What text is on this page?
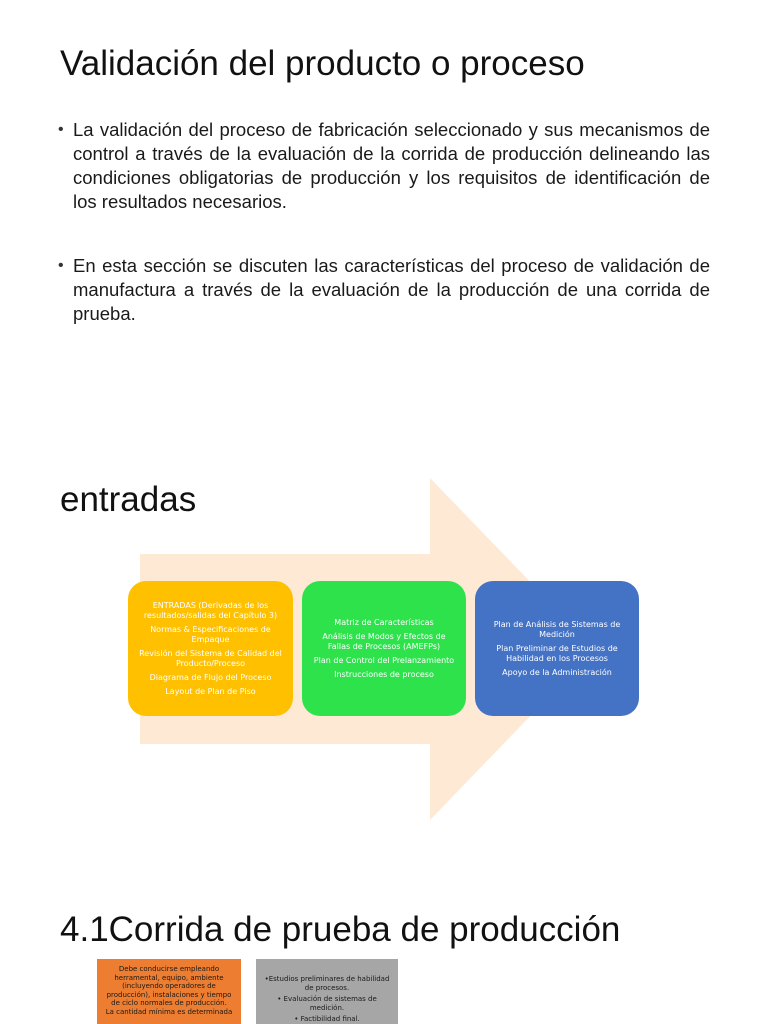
Validación del producto o proceso
• La validación del proceso de fabricación seleccionado y sus mecanismos de control a través de la evaluación de la corrida de producción delineando las condiciones obligatorias de producción y los requisitos de identificación de los resultados necesarios.
• En esta sección se discuten las características del proceso de validación de manufactura a través de la evaluación de la producción de una corrida de prueba.
entradas
ENTRADAS (Derivadas de los resultados/salidas del Capítulo 3)
Normas & Especificaciones de Empaque
Revisión del Sistema de Calidad del Producto/Proceso
Diagrama de Flujo del Proceso
Layout de Plan de Piso
Matriz de Características
Análisis de Modos y Efectos de Fallas de Procesos (AMEFPs)
Plan de Control del Prelanzamiento
Instrucciones de proceso
Plan de Análisis de Sistemas de Medición
Plan Preliminar de Estudios de Habilidad en los Procesos
Apoyo de la Administración
4.1Corrida de prueba de producción
Debe conducirse empleando herramental, equipo, ambiente (incluyendo operadores de producción), instalaciones y tiempo de ciclo normales de producción.
La cantidad mínima es determinada
•Estudios preliminares de habilidad de procesos.
• Evaluación de sistemas de medición.
• Factibilidad final.
